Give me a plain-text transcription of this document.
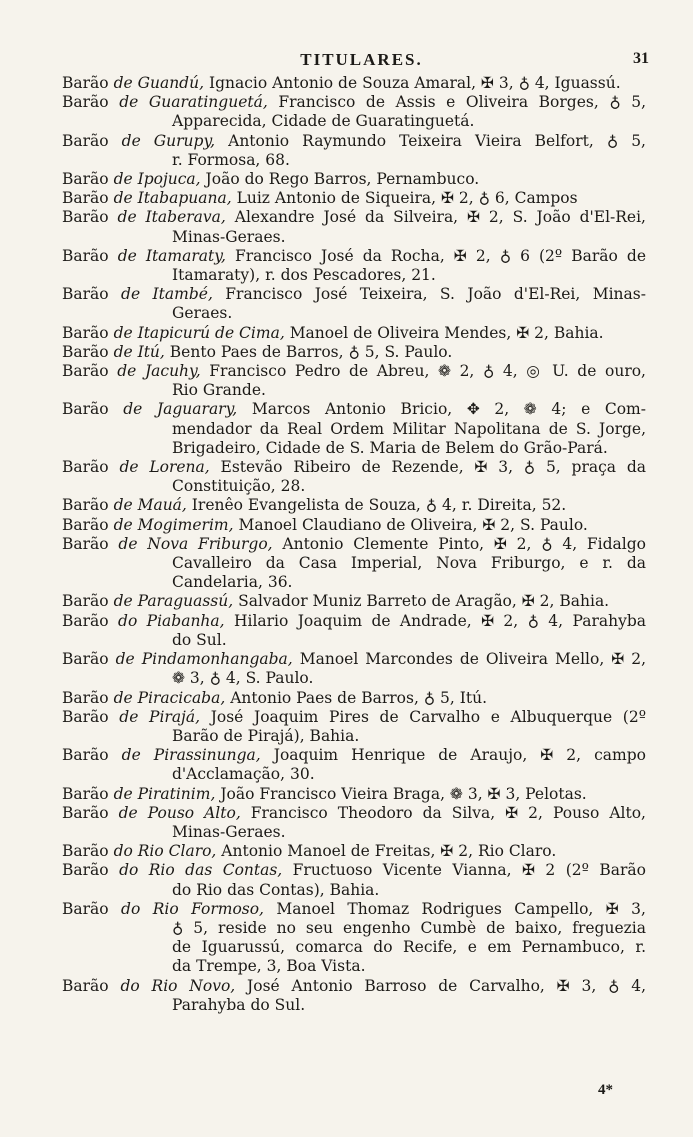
TITULARES.	31
Barão de Guandú, Ignacio Antonio de Souza Amaral, ✠ 3, ♁ 4, Iguassú.
Barão de Guaratinguetá, Francisco de Assis e Oliveira Borges, ♁ 5,
Apparecida, Cidade de Guaratinguetá.
Barão de Gurupy, Antonio Raymundo Teixeira Vieira Belfort, ♁ 5,
r. Formosa, 68.
Barão de Ipojuca, João do Rego Barros, Pernambuco.
Barão de Itabapuana, Luiz Antonio de Siqueira, ✠ 2, ♁ 6, Campos
Barão de Itaberava, Alexandre José da Silveira, ✠ 2, S. João d'El-Rei,
Minas-Geraes.
Barão de Itamaraty, Francisco José da Rocha, ✠ 2, ♁ 6 (2º Barão de
Itamaraty), r. dos Pescadores, 21.
Barão de Itambé, Francisco José Teixeira, S. João d'El-Rei, Minas-
Geraes.
Barão de Itapicurú de Cima, Manoel de Oliveira Mendes, ✠ 2, Bahia.
Barão de Itú, Bento Paes de Barros, ♁ 5, S. Paulo.
Barão de Jacuhy, Francisco Pedro de Abreu, ❁ 2, ♁ 4, ◎ U. de ouro,
Rio Grande.
Barão de Jaguarary, Marcos Antonio Bricio, ✥ 2, ❁ 4; e Com-
mendador da Real Ordem Militar Napolitana de S. Jorge,
Brigadeiro, Cidade de S. Maria de Belem do Grão-Pará.
Barão de Lorena, Estevão Ribeiro de Rezende, ✠ 3, ♁ 5, praça da
Constituição, 28.
Barão de Mauá, Irenêo Evangelista de Souza, ♁ 4, r. Direita, 52.
Barão de Mogimerim, Manoel Claudiano de Oliveira, ✠ 2, S. Paulo.
Barão de Nova Friburgo, Antonio Clemente Pinto, ✠ 2, ♁ 4, Fidalgo
Cavalleiro da Casa Imperial, Nova Friburgo, e r. da
Candelaria, 36.
Barão de Paraguassú, Salvador Muniz Barreto de Aragão, ✠ 2, Bahia.
Barão do Piabanha, Hilario Joaquim de Andrade, ✠ 2, ♁ 4, Parahyba
do Sul.
Barão de Pindamonhangaba, Manoel Marcondes de Oliveira Mello, ✠ 2,
❁ 3, ♁ 4, S. Paulo.
Barão de Piracicaba, Antonio Paes de Barros, ♁ 5, Itú.
Barão de Pirajá, José Joaquim Pires de Carvalho e Albuquerque (2º
Barão de Pirajá), Bahia.
Barão de Pirassinunga, Joaquim Henrique de Araujo, ✠ 2, campo
d'Acclamação, 30.
Barão de Piratinim, João Francisco Vieira Braga, ❁ 3, ✠ 3, Pelotas.
Barão de Pouso Alto, Francisco Theodoro da Silva, ✠ 2, Pouso Alto,
Minas-Geraes.
Barão do Rio Claro, Antonio Manoel de Freitas, ✠ 2, Rio Claro.
Barão do Rio das Contas, Fructuoso Vicente Vianna, ✠ 2 (2º Barão
do Rio das Contas), Bahia.
Barão do Rio Formoso, Manoel Thomaz Rodrigues Campello, ✠ 3,
♁ 5, reside no seu engenho Cumbè de baixo, freguezia
de Iguarussú, comarca do Recife, e em Pernambuco, r.
da Trempe, 3, Boa Vista.
Barão do Rio Novo, José Antonio Barroso de Carvalho, ✠ 3, ♁ 4,
Parahyba do Sul.
4*
